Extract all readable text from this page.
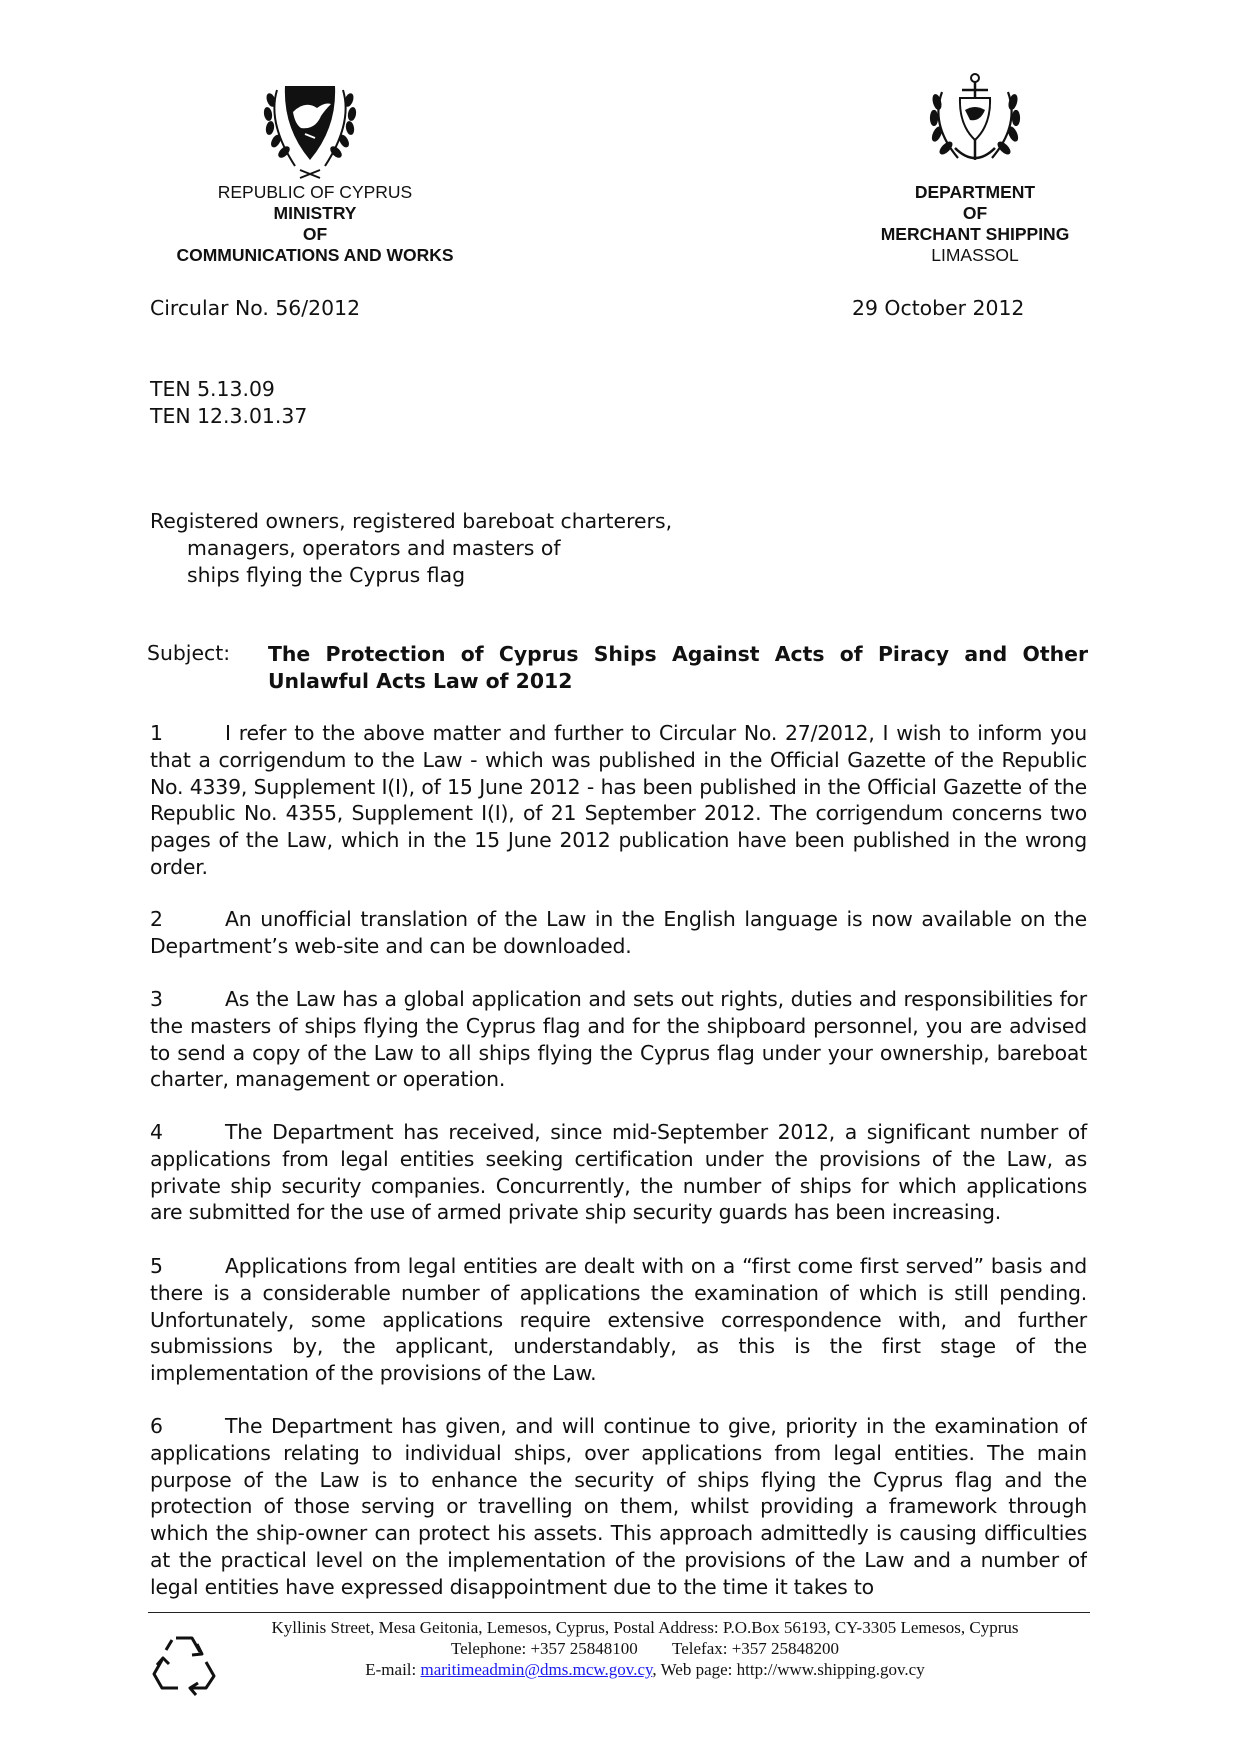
REPUBLIC OF CYPRUS
MINISTRY
OF
COMMUNICATIONS AND WORKS
DEPARTMENT
OF
MERCHANT SHIPPING
LIMASSOL
Circular No. 56/2012	29 October 2012
TEN 5.13.09
TEN 12.3.01.37
Registered owners, registered bareboat charterers,
managers, operators and masters of
ships flying the Cyprus flag
Subject: The Protection of Cyprus Ships Against Acts of Piracy and Other Unlawful Acts Law of 2012
1	I refer to the above matter and further to Circular No. 27/2012, I wish to inform you that a corrigendum to the Law - which was published in the Official Gazette of the Republic No. 4339, Supplement I(I), of 15 June 2012 - has been published in the Official Gazette of the Republic No. 4355, Supplement I(I), of 21 September 2012. The corrigendum concerns two pages of the Law, which in the 15 June 2012 publication have been published in the wrong order.
2	An unofficial translation of the Law in the English language is now available on the Department’s web-site and can be downloaded.
3	As the Law has a global application and sets out rights, duties and responsibilities for the masters of ships flying the Cyprus flag and for the shipboard personnel, you are advised to send a copy of the Law to all ships flying the Cyprus flag under your ownership, bareboat charter, management or operation.
4	The Department has received, since mid-September 2012, a significant number of applications from legal entities seeking certification under the provisions of the Law, as private ship security companies. Concurrently, the number of ships for which applications are submitted for the use of armed private ship security guards has been increasing.
5	Applications from legal entities are dealt with on a “first come first served” basis and there is a considerable number of applications the examination of which is still pending. Unfortunately, some applications require extensive correspondence with, and further submissions by, the applicant, understandably, as this is the first stage of the implementation of the provisions of the Law.
6	The Department has given, and will continue to give, priority in the examination of applications relating to individual ships, over applications from legal entities. The main purpose of the Law is to enhance the security of ships flying the Cyprus flag and the protection of those serving or travelling on them, whilst providing a framework through which the ship-owner can protect his assets. This approach admittedly is causing difficulties at the practical level on the implementation of the provisions of the Law and a number of legal entities have expressed disappointment due to the time it takes to
Kyllinis Street, Mesa Geitonia, Lemesos, Cyprus, Postal Address: P.O.Box 56193, CY-3305 Lemesos, Cyprus
Telephone: +357 25848100 Telefax: +357 25848200
E-mail: maritimeadmin@dms.mcw.gov.cy, Web page: http://www.shipping.gov.cy
